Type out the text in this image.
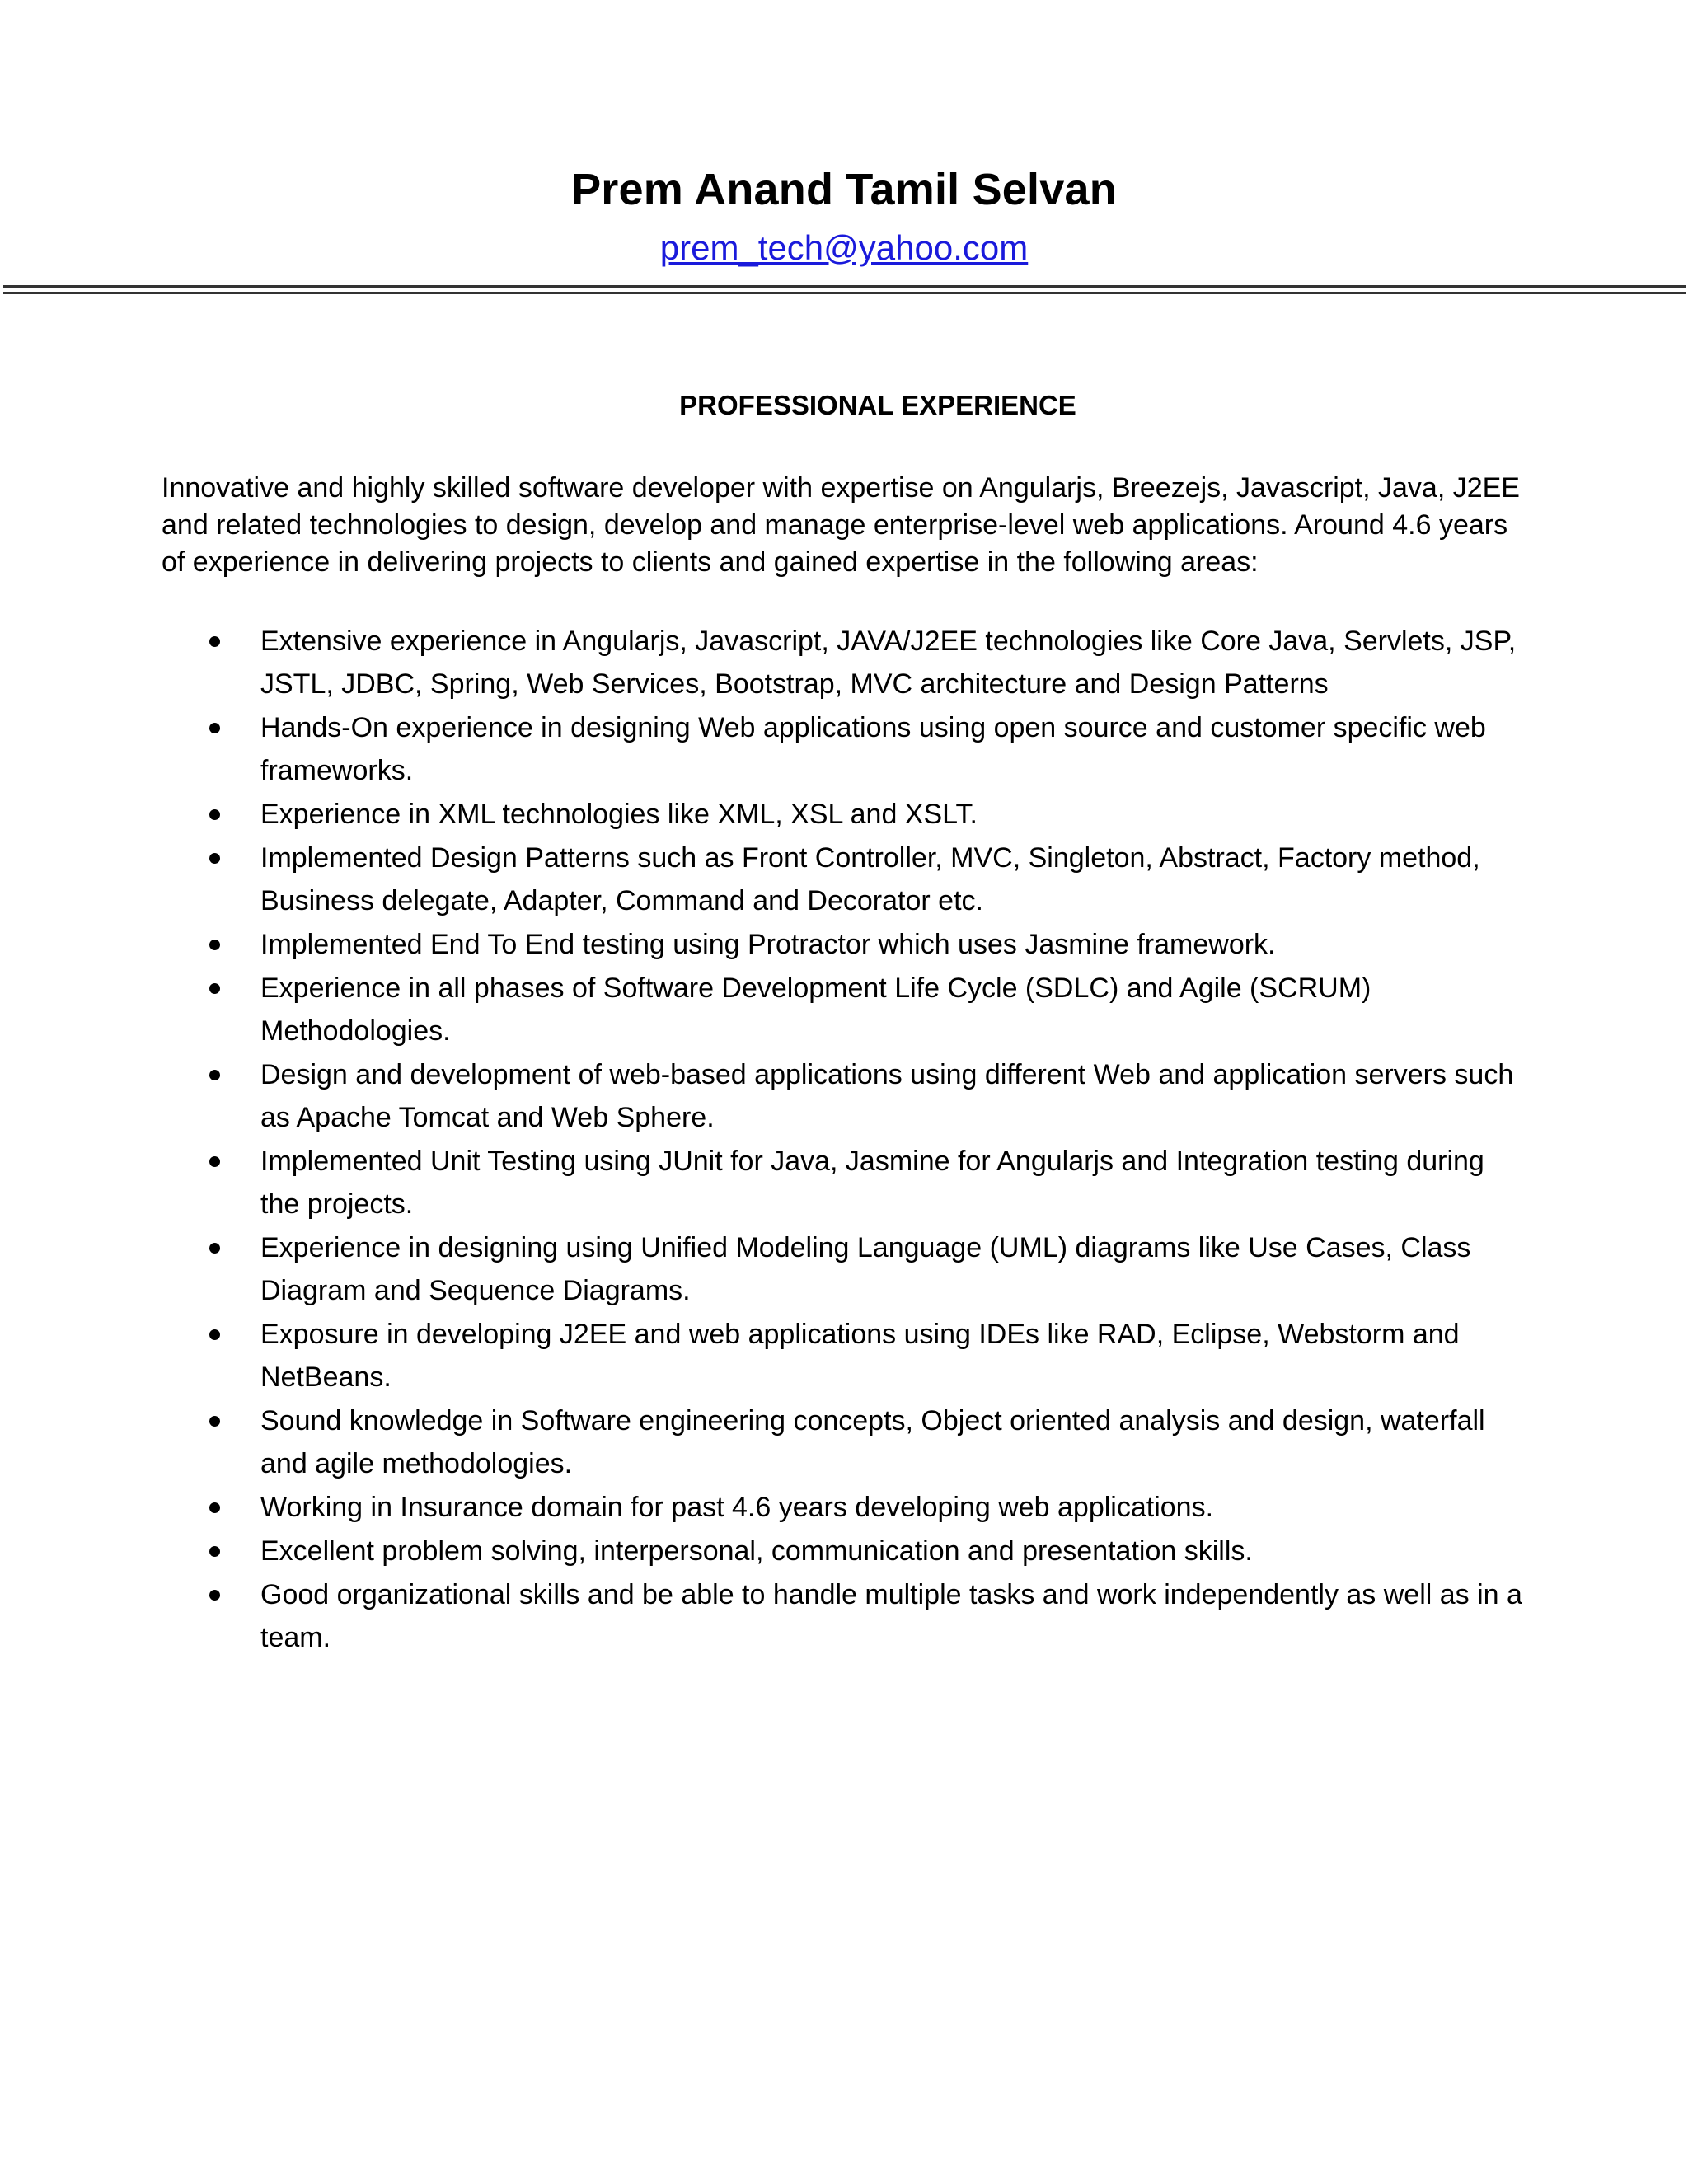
Prem Anand Tamil Selvan
prem_tech@yahoo.com
PROFESSIONAL EXPERIENCE

Innovative and highly skilled software developer with expertise on Angularjs, Breezejs, Javascript, Java, J2EE and related technologies to design, develop and manage enterprise-level web applications. Around 4.6 years of experience in delivering projects to clients and gained expertise in the following areas:

Extensive experience in Angularjs, Javascript, JAVA/J2EE technologies like Core Java, Servlets, JSP, JSTL, JDBC, Spring, Web Services, Bootstrap, MVC architecture and Design Patterns
Hands-On experience in designing Web applications using open source and customer specific web frameworks.
Experience in XML technologies like XML, XSL and XSLT.
Implemented Design Patterns such as Front Controller, MVC, Singleton, Abstract, Factory method, Business delegate, Adapter, Command and Decorator etc.
Implemented End To End testing using Protractor which uses Jasmine framework.
Experience in all phases of Software Development Life Cycle (SDLC) and Agile (SCRUM) Methodologies.
Design and development of web-based applications using different Web and application servers such as Apache Tomcat and Web Sphere.
Implemented Unit Testing using JUnit for Java, Jasmine for Angularjs and Integration testing during the projects.
Experience in designing using Unified Modeling Language (UML) diagrams like Use Cases, Class Diagram and Sequence Diagrams.
Exposure in developing J2EE and web applications using IDEs like RAD, Eclipse, Webstorm and NetBeans.
Sound knowledge in Software engineering concepts, Object oriented analysis and design, waterfall and agile methodologies.
Working in Insurance domain for past 4.6 years developing web applications.
Excellent problem solving, interpersonal, communication and presentation skills.
Good organizational skills and be able to handle multiple tasks and work independently as well as in a team.
